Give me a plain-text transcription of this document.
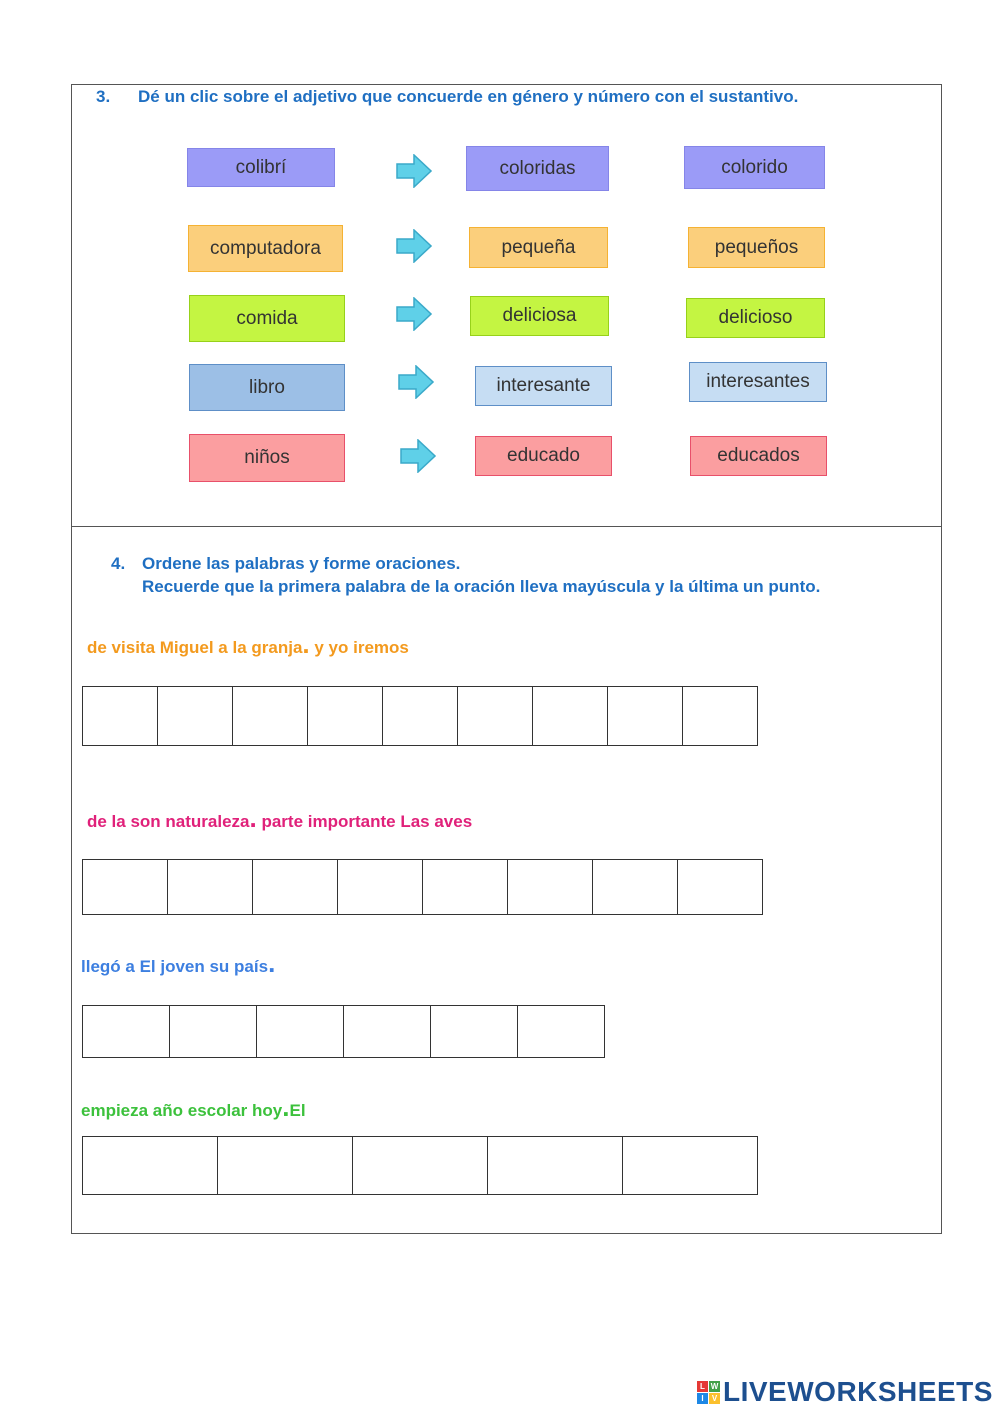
3. Dé un clic sobre el adjetivo que concuerde en género y número con el sustantivo.
colibrí	coloridas	colorido
computadora	pequeña	pequeños
comida	deliciosa	delicioso
libro	interesante	interesantes
niños	educado	educados
4. Ordene las palabras y forme oraciones.
Recuerde que la primera palabra de la oración lleva mayúscula y la última un punto.
de visita Miguel a la granja. y yo iremos
de la son naturaleza. parte importante Las aves
llegó a El joven su país.
empieza año escolar hoy.El
L W
I	V LIVEWORKSHEETS
